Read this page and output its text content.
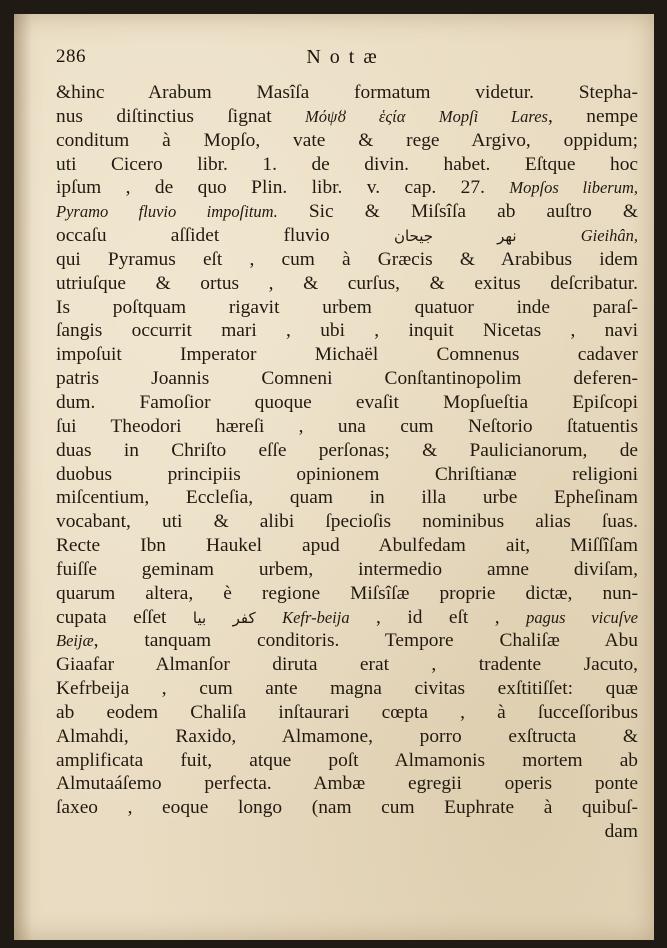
286	Notæ
&hinc Arabum Masîſa formatum videtur. Stepha-
nus diſtinctius ſignat Μόψȣ ἑςία Mopſi Lares, nempe
conditum à Mopſo, vate & rege Argivo, oppidum;
uti Cicero libr. 1. de divin. habet. Eſtque hoc
ipſum , de quo Plin. libr. v. cap. 27. Mopſos liberum,
Pyramo fluvio impoſitum. Sic & Miſsîſa ab auſtro &
occaſu aſſidet fluvio نهر جيحان	Gieihân,
qui Pyramus eſt , cum à Græcis & Arabibus idem
utriuſque & ortus , & curſus, & exitus deſcribatur.
Is poſtquam rigavit urbem quatuor inde paraſ-
ſangis occurrit mari , ubi , inquit Nicetas , navi
impoſuit Imperator Michaël Comnenus cadaver
patris Joannis Comneni Conſtantinopolim deferen-
dum. Famoſior quoque evaſit Mopſueſtia Epiſcopi
ſui Theodori hæreſi , una cum Neſtorio ſtatuentis
duas in Chriſto eſſe perſonas; & Paulicianorum, de
duobus principiis opinionem Chriſtianæ religioni
miſcentium, Eccleſia, quam in illa urbe Epheſinam
vocabant, uti & alibi ſpecioſis nominibus alias ſuas.
Recte Ibn Haukel apud Abulfedam ait, Miſſîſam
fuiſſe geminam urbem, intermedio amne diviſam,
quarum altera, è regione Miſsîſæ proprie dictæ, nun-
cupata eſſet كفر بيا Kefr-beija , id eſt , pagus vicuſve
Beijæ, tanquam conditoris. Tempore Chaliſæ Abu
Giaafar Almanſor diruta erat , tradente Jacuto,
Kefrbeija , cum ante magna civitas exſtitiſſet: quæ
ab eodem Chaliſa inſtaurari cœpta , à ſucceſſoribus
Almahdi, Raxido, Almamone, porro exſtructa &
amplificata fuit, atque poſt Almamonis mortem ab
Almutaáſemo perfecta. Ambæ egregii operis ponte
ſaxeo , eoque longo (nam cum Euphrate à quibuſ-
dam
